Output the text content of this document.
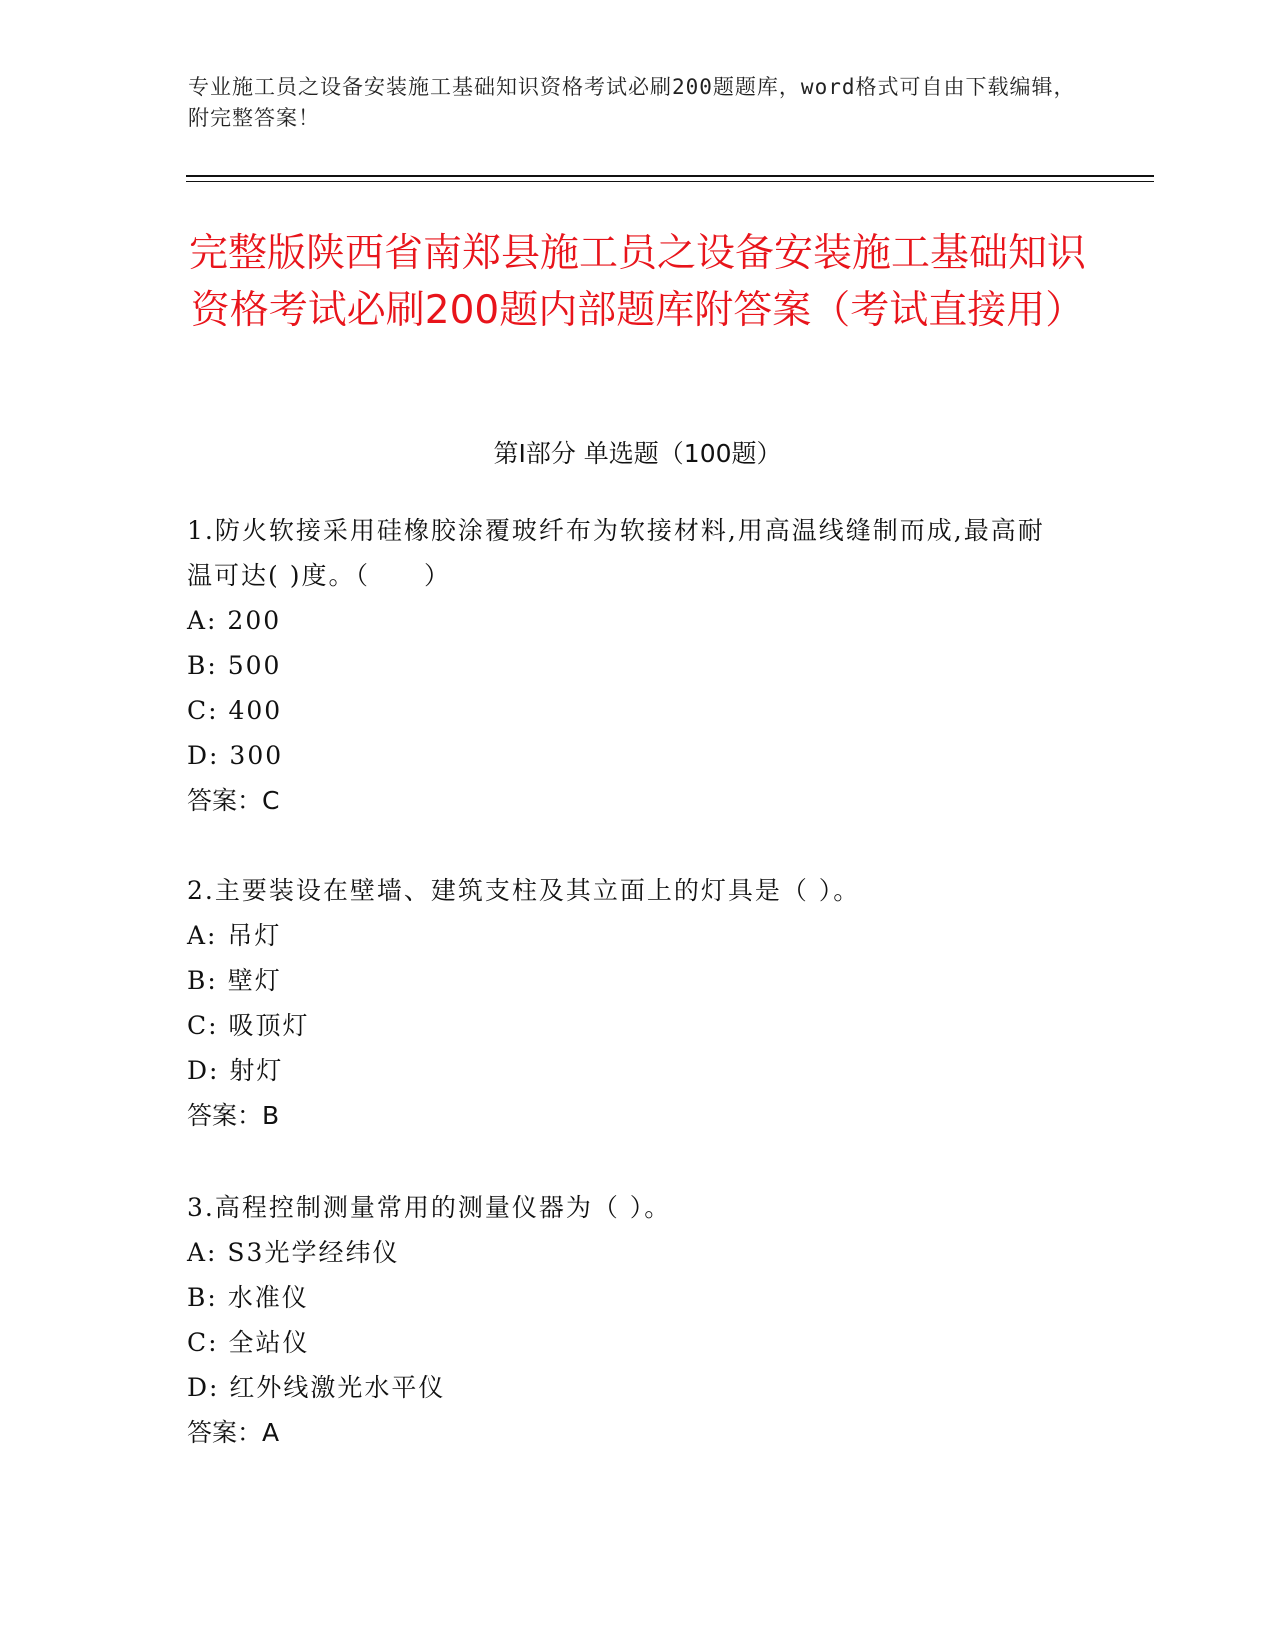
专业施工员之设备安装施工基础知识资格考试必刷200题题库，word格式可自由下载编辑，附完整答案！
完整版陕西省南郑县施工员之设备安装施工基础知识资格考试必刷200题内部题库附答案（考试直接用）
第Ⅰ部分 单选题（100题）

1.防火软接采用硅橡胶涂覆玻纤布为软接材料,用高温线缝制而成,最高耐温可达( )度。（　　）

A: 200

B: 500

C: 400

D: 300

答案：C

2.主要装设在壁墙、建筑支柱及其立面上的灯具是（ ）。

A: 吊灯

B: 壁灯

C: 吸顶灯

D: 射灯

答案：B

3.高程控制测量常用的测量仪器为（ ）。

A: S3光学经纬仪

B: 水准仪

C: 全站仪

D: 红外线激光水平仪

答案：A
